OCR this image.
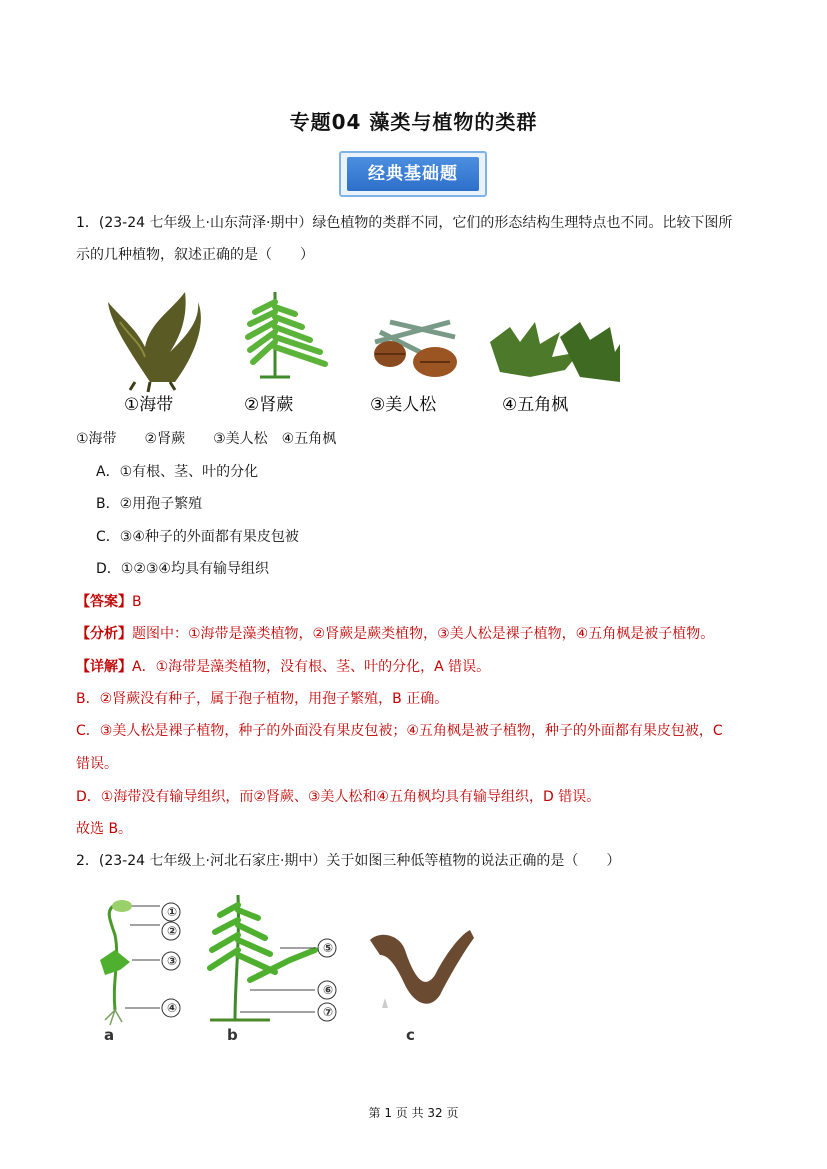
专题04 藻类与植物的类群
经典基础题
1．(23-24 七年级上·山东菏泽·期中）绿色植物的类群不同，它们的形态结构生理特点也不同。比较下图所
示的几种植物，叙述正确的是（　　）
①海带	②肾蕨	③美人松	④五角枫
①海带　　②肾蕨　　③美人松　④五角枫
A．①有根、茎、叶的分化
B．②用孢子繁殖
C．③④种子的外面都有果皮包被
D．①②③④均具有输导组织
【答案】B
【分析】题图中：①海带是藻类植物，②肾蕨是蕨类植物，③美人松是裸子植物，④五角枫是被子植物。
【详解】A．①海带是藻类植物，没有根、茎、叶的分化，A 错误。
B．②肾蕨没有种子，属于孢子植物，用孢子繁殖，B 正确。
C．③美人松是裸子植物，种子的外面没有果皮包被；④五角枫是被子植物，种子的外面都有果皮包被，C
错误。
D．①海带没有输导组织，而②肾蕨、③美人松和④五角枫均具有输导组织，D 错误。
故选 B。
2．(23-24 七年级上·河北石家庄·期中）关于如图三种低等植物的说法正确的是（　　）
①
②
③
④
⑤
⑥
⑦
a	b	c
第 1 页 共 32 页
